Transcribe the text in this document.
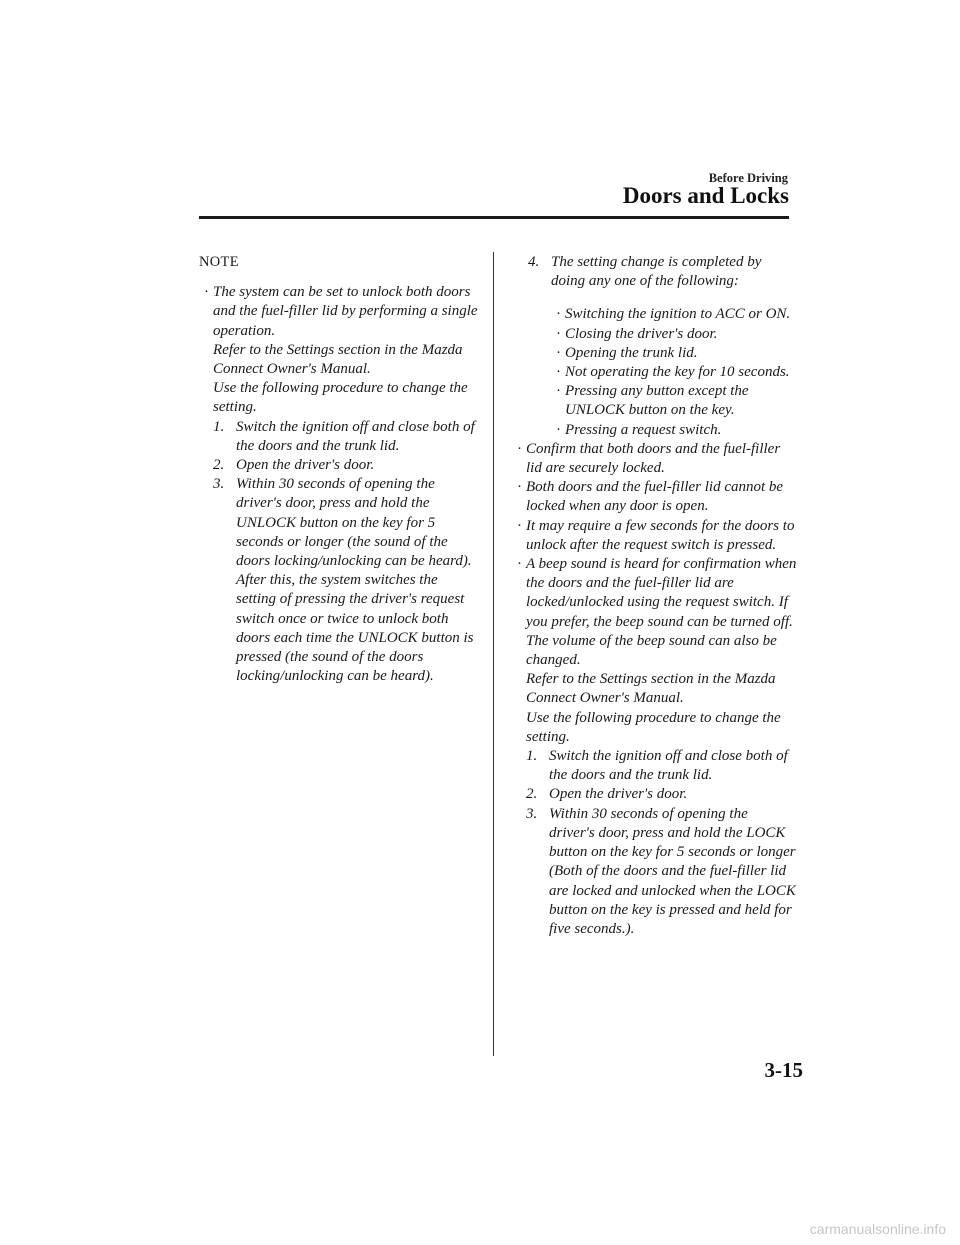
Before Driving
Doors and Locks
NOTE
· The system can be set to unlock both doors and the fuel-filler lid by performing a single operation.
Refer to the Settings section in the Mazda Connect Owner's Manual.
Use the following procedure to change the setting.
1. Switch the ignition off and close both of the doors and the trunk lid.
2. Open the driver's door.
3. Within 30 seconds of opening the driver's door, press and hold the UNLOCK button on the key for 5 seconds or longer (the sound of the doors locking/unlocking can be heard).
After this, the system switches the setting of pressing the driver's request switch once or twice to unlock both doors each time the UNLOCK button is pressed (the sound of the doors locking/unlocking can be heard).
4. The setting change is completed by doing any one of the following:
· Switching the ignition to ACC or ON.
· Closing the driver's door.
· Opening the trunk lid.
· Not operating the key for 10 seconds.
· Pressing any button except the UNLOCK button on the key.
· Pressing a request switch.
· Confirm that both doors and the fuel-filler lid are securely locked.
· Both doors and the fuel-filler lid cannot be locked when any door is open.
· It may require a few seconds for the doors to unlock after the request switch is pressed.
· A beep sound is heard for confirmation when the doors and the fuel-filler lid are locked/unlocked using the request switch. If you prefer, the beep sound can be turned off.
The volume of the beep sound can also be changed.
Refer to the Settings section in the Mazda Connect Owner's Manual.
Use the following procedure to change the setting.
1. Switch the ignition off and close both of the doors and the trunk lid.
2. Open the driver's door.
3. Within 30 seconds of opening the driver's door, press and hold the LOCK button on the key for 5 seconds or longer (Both of the doors and the fuel-filler lid are locked and unlocked when the LOCK button on the key is pressed and held for five seconds.).
3-15
carmanualsonline.info
